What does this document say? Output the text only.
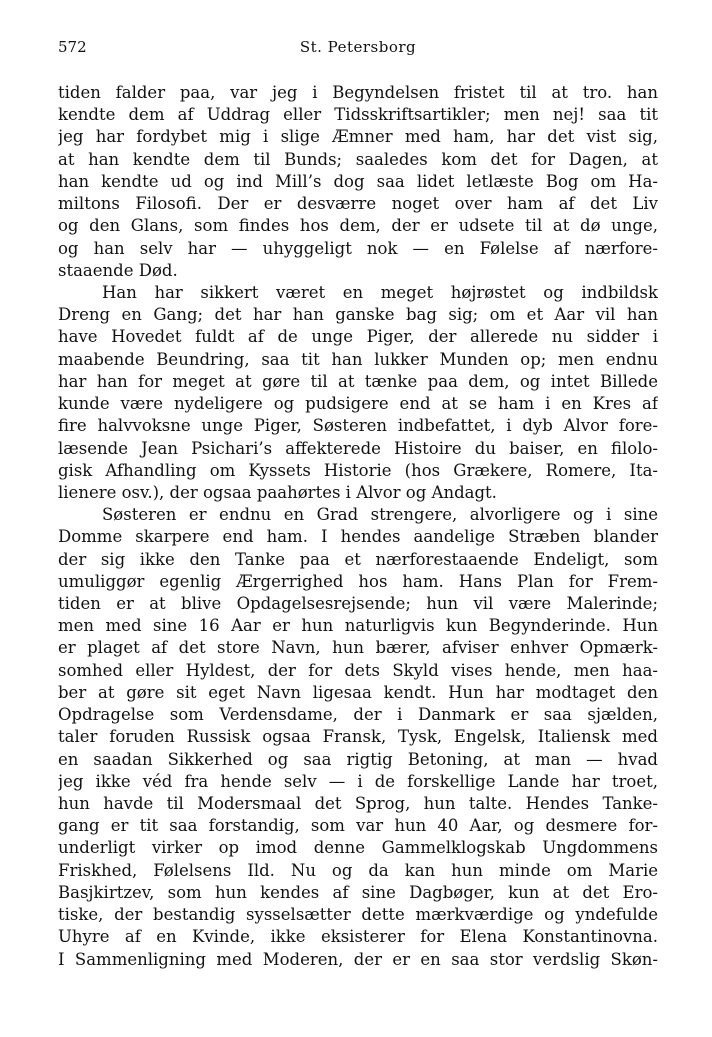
572	St. Petersborg
tiden falder paa, var jeg i Begyndelsen fristet til at tro. han
kendte dem af Uddrag eller Tidsskriftsartikler; men nej! saa tit
jeg har fordybet mig i slige Æmner med ham, har det vist sig,
at han kendte dem til Bunds; saaledes kom det for Dagen, at
han kendte ud og ind Mill’s dog saa lidet letlæste Bog om Ha-
miltons Filosofi. Der er desværre noget over ham af det Liv
og den Glans, som findes hos dem, der er udsete til at dø unge,
og han selv har — uhyggeligt nok — en Følelse af nærfore-
staaende Død.
Han har sikkert været en meget højrøstet og indbildsk
Dreng en Gang; det har han ganske bag sig; om et Aar vil han
have Hovedet fuldt af de unge Piger, der allerede nu sidder i
maabende Beundring, saa tit han lukker Munden op; men endnu
har han for meget at gøre til at tænke paa dem, og intet Billede
kunde være nydeligere og pudsigere end at se ham i en Kres af
fire halvvoksne unge Piger, Søsteren indbefattet, i dyb Alvor fore-
læsende Jean Psichari’s affekterede Histoire du baiser, en filolo-
gisk Afhandling om Kyssets Historie (hos Grækere, Romere, Ita-
lienere osv.), der ogsaa paahørtes i Alvor og Andagt.
Søsteren er endnu en Grad strengere, alvorligere og i sine
Domme skarpere end ham. I hendes aandelige Stræben blander
der sig ikke den Tanke paa et nærforestaaende Endeligt, som
umuliggør egenlig Ærgerrighed hos ham. Hans Plan for Frem-
tiden er at blive Opdagelsesrejsende; hun vil være Malerinde;
men med sine 16 Aar er hun naturligvis kun Begynderinde. Hun
er plaget af det store Navn, hun bærer, afviser enhver Opmærk-
somhed eller Hyldest, der for dets Skyld vises hende, men haa-
ber at gøre sit eget Navn ligesaa kendt. Hun har modtaget den
Opdragelse som Verdensdame, der i Danmark er saa sjælden,
taler foruden Russisk ogsaa Fransk, Tysk, Engelsk, Italiensk med
en saadan Sikkerhed og saa rigtig Betoning, at man — hvad
jeg ikke véd fra hende selv — i de forskellige Lande har troet,
hun havde til Modersmaal det Sprog, hun talte. Hendes Tanke-
gang er tit saa forstandig, som var hun 40 Aar, og desmere for-
underligt virker op imod denne Gammelklogskab Ungdommens
Friskhed, Følelsens Ild. Nu og da kan hun minde om Marie
Basjkirtzev, som hun kendes af sine Dagbøger, kun at det Ero-
tiske, der bestandig sysselsætter dette mærkværdige og yndefulde
Uhyre af en Kvinde, ikke eksisterer for Elena Konstantinovna.
I Sammenligning med Moderen, der er en saa stor verdslig Skøn-
